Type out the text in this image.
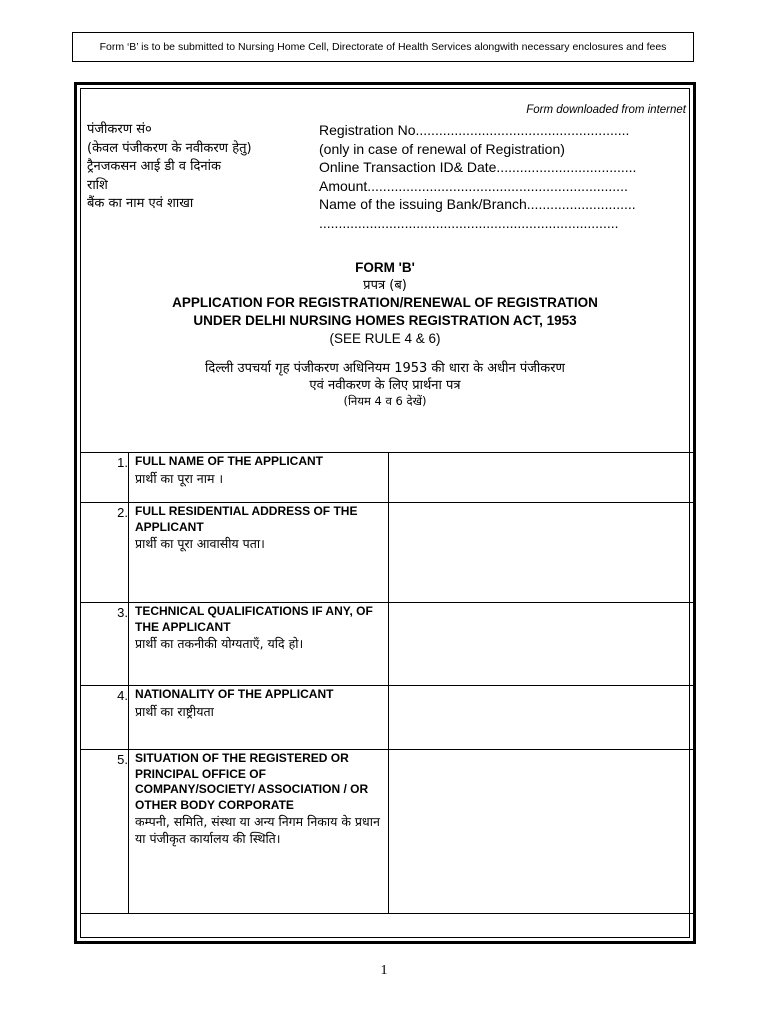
Form ‘B’ is to be submitted to Nursing Home Cell, Directorate of Health Services alongwith necessary enclosures and fees
Form downloaded from internet
पंजीकरण सं०
(केवल पंजीकरण के नवीकरण हेतु)
ट्रैनजकसन आई डी व दिनांक
राशि
बैंक का नाम एवं शाखा
Registration No.......................................................
(only in case of renewal of Registration)
Online Transaction ID& Date....................................
Amount...................................................................
Name of the issuing Bank/Branch............................
.............................................................................
FORM 'B'
प्रपत्र (ब)
APPLICATION FOR REGISTRATION/RENEWAL OF REGISTRATION
UNDER DELHI NURSING HOMES REGISTRATION ACT, 1953
(SEE RULE 4 & 6)
दिल्ली उपचर्या गृह पंजीकरण अधिनियम 1953 की धारा के अधीन पंजीकरण
एवं नवीकरण के लिए प्रार्थना पत्र
(नियम 4 व 6 देखें)
1. FULL NAME OF THE APPLICANT
प्रार्थी का पूरा नाम ।
2. FULL RESIDENTIAL ADDRESS OF THE APPLICANT
प्रार्थी का पूरा आवासीय पता।
3. TECHNICAL QUALIFICATIONS IF ANY, OF THE APPLICANT
प्रार्थी का तकनीकी योग्यताएँ, यदि हो।
4. NATIONALITY OF THE APPLICANT
प्रार्थी का राष्ट्रीयता
5. SITUATION OF THE REGISTERED OR PRINCIPAL OFFICE OF COMPANY/SOCIETY/ ASSOCIATION / OR OTHER BODY CORPORATE
कम्पनी, समिति, संस्था या अन्य निगम निकाय के प्रधान या पंजीकृत कार्यालय की स्थिति।
1
